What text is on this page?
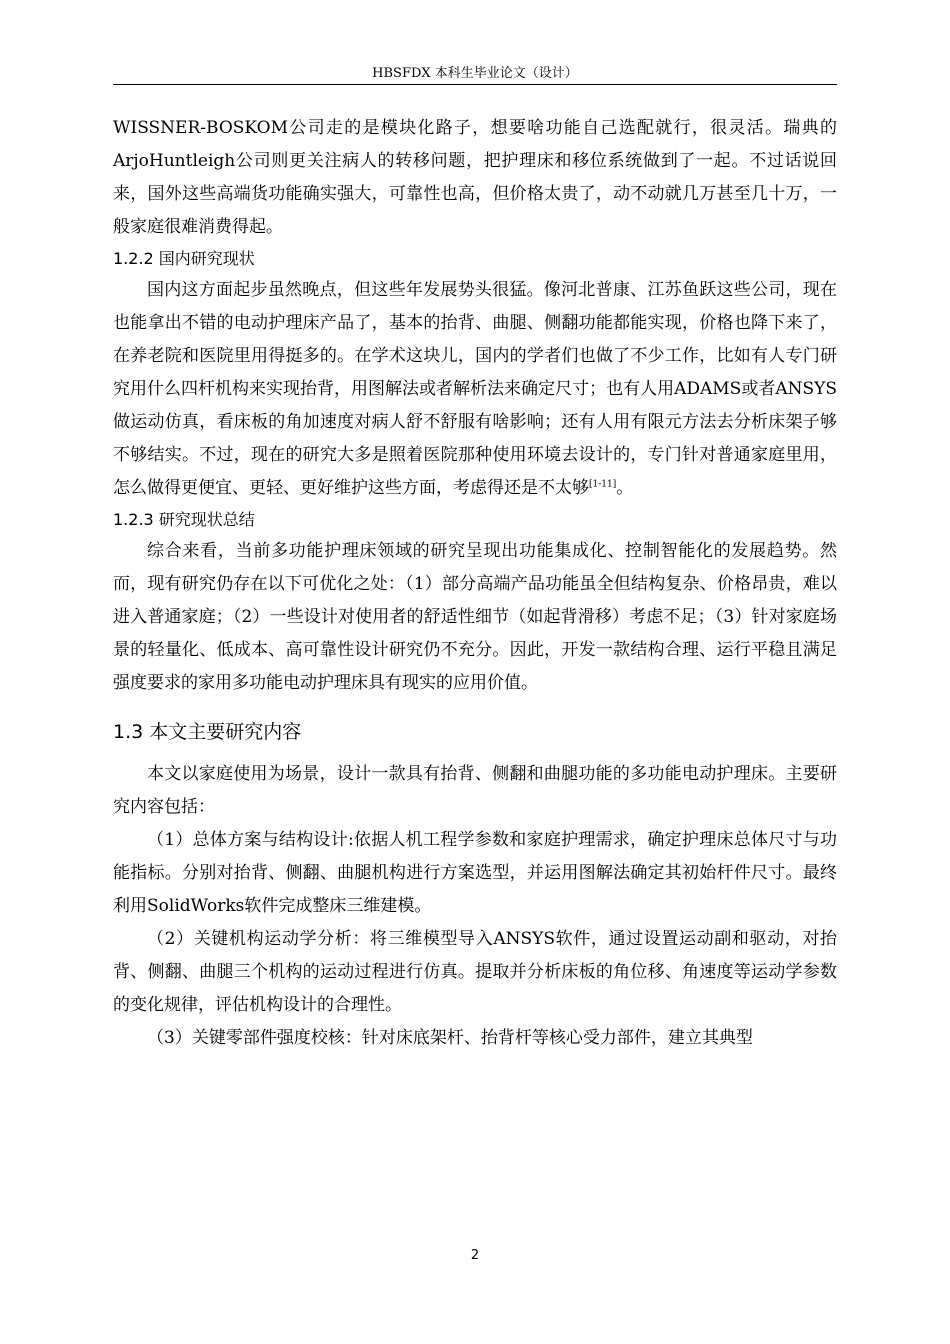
HBSFDX 本科生毕业论文（设计）

WISSNER-BOSKOM公司走的是模块化路子，想要啥功能自己选配就行，很灵活。瑞典的ArjoHuntleigh公司则更关注病人的转移问题，把护理床和移位系统做到了一起。不过话说回来，国外这些高端货功能确实强大，可靠性也高，但价格太贵了，动不动就几万甚至几十万，一般家庭很难消费得起。

1.2.2 国内研究现状

国内这方面起步虽然晚点，但这些年发展势头很猛。像河北普康、江苏鱼跃这些公司，现在也能拿出不错的电动护理床产品了，基本的抬背、曲腿、侧翻功能都能实现，价格也降下来了，在养老院和医院里用得挺多的。在学术这块儿，国内的学者们也做了不少工作，比如有人专门研究用什么四杆机构来实现抬背，用图解法或者解析法来确定尺寸；也有人用ADAMS或者ANSYS做运动仿真，看床板的角加速度对病人舒不舒服有啥影响；还有人用有限元方法去分析床架子够不够结实。不过，现在的研究大多是照着医院那种使用环境去设计的，专门针对普通家庭里用，怎么做得更便宜、更轻、更好维护这些方面，考虑得还是不太够[1-11]。

1.2.3 研究现状总结

综合来看，当前多功能护理床领域的研究呈现出功能集成化、控制智能化的发展趋势。然而，现有研究仍存在以下可优化之处：（1）部分高端产品功能虽全但结构复杂、价格昂贵，难以进入普通家庭；（2）一些设计对使用者的舒适性细节（如起背滑移）考虑不足；（3）针对家庭场景的轻量化、低成本、高可靠性设计研究仍不充分。因此，开发一款结构合理、运行平稳且满足强度要求的家用多功能电动护理床具有现实的应用价值。

1.3 本文主要研究内容

本文以家庭使用为场景，设计一款具有抬背、侧翻和曲腿功能的多功能电动护理床。主要研究内容包括：

（1）总体方案与结构设计:依据人机工程学参数和家庭护理需求，确定护理床总体尺寸与功能指标。分别对抬背、侧翻、曲腿机构进行方案选型，并运用图解法确定其初始杆件尺寸。最终利用SolidWorks软件完成整床三维建模。

（2）关键机构运动学分析：将三维模型导入ANSYS软件，通过设置运动副和驱动，对抬背、侧翻、曲腿三个机构的运动过程进行仿真。提取并分析床板的角位移、角速度等运动学参数的变化规律，评估机构设计的合理性。

（3）关键零部件强度校核：针对床底架杆、抬背杆等核心受力部件，建立其典型

2
